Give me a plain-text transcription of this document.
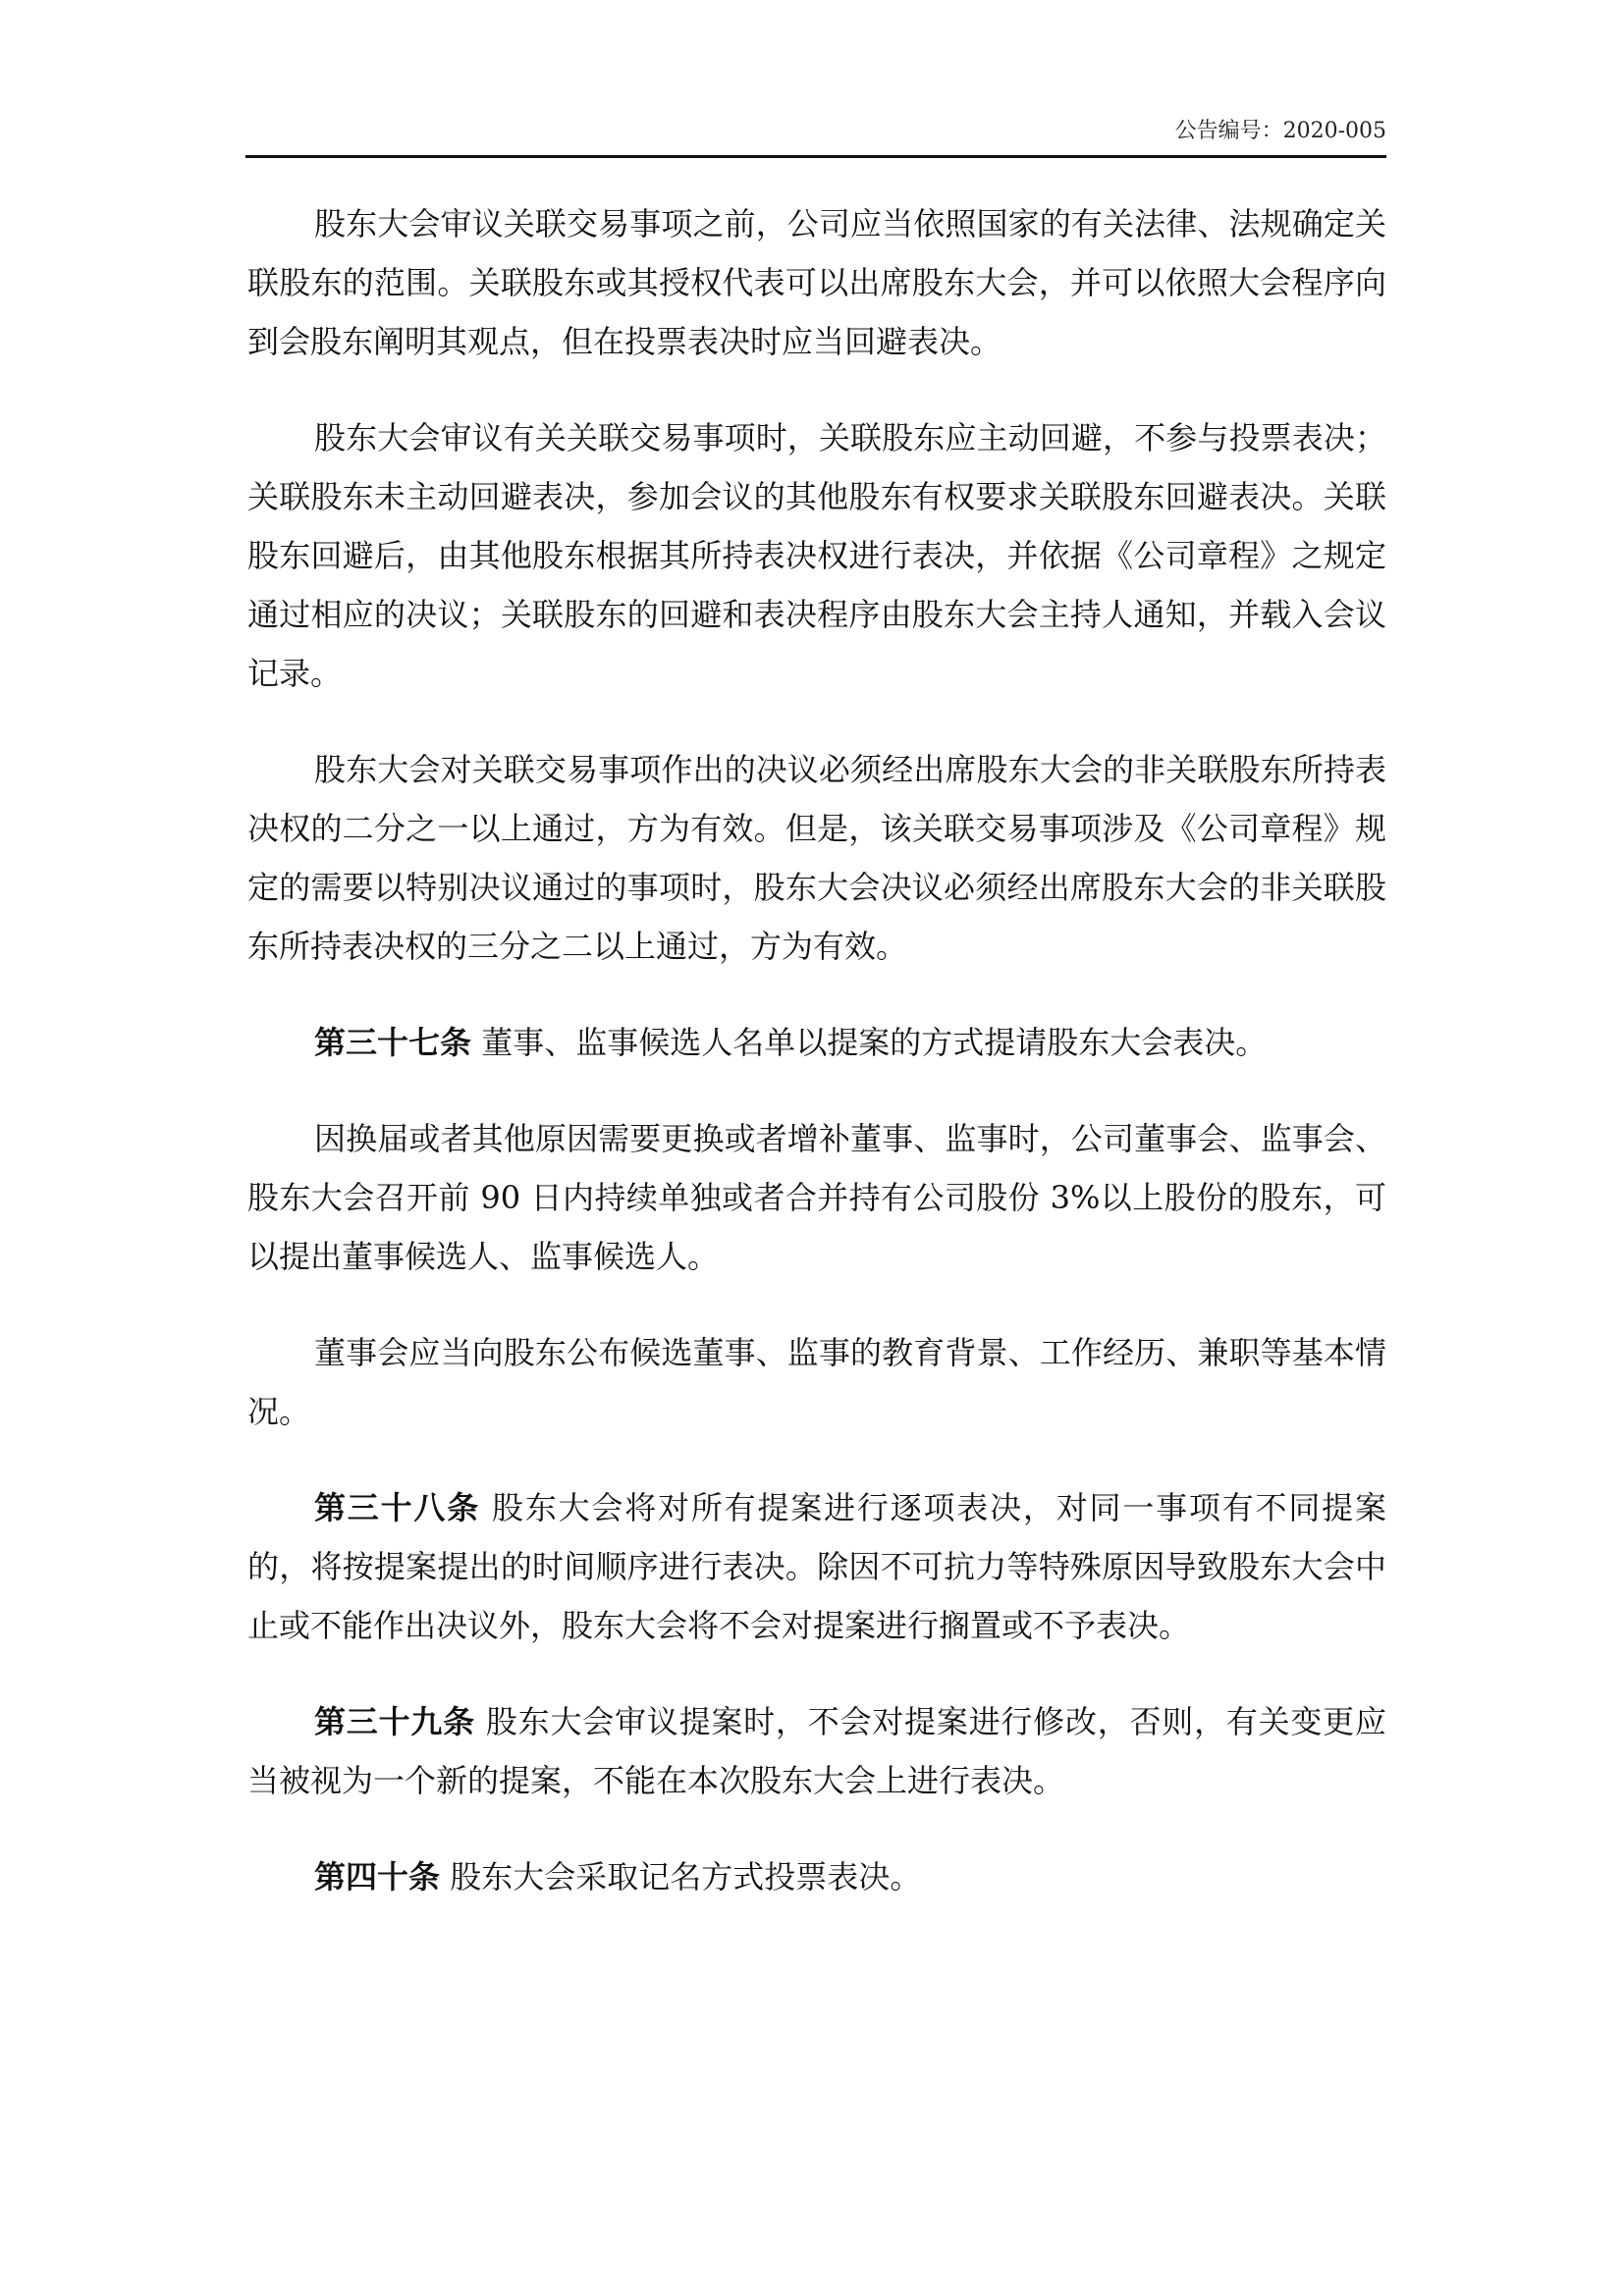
公告编号：2020-005

股东大会审议关联交易事项之前，公司应当依照国家的有关法律、法规确定关联股东的范围。关联股东或其授权代表可以出席股东大会，并可以依照大会程序向到会股东阐明其观点，但在投票表决时应当回避表决。

股东大会审议有关关联交易事项时，关联股东应主动回避，不参与投票表决；关联股东未主动回避表决，参加会议的其他股东有权要求关联股东回避表决。关联股东回避后，由其他股东根据其所持表决权进行表决，并依据《公司章程》之规定通过相应的决议；关联股东的回避和表决程序由股东大会主持人通知，并载入会议记录。

股东大会对关联交易事项作出的决议必须经出席股东大会的非关联股东所持表决权的二分之一以上通过，方为有效。但是，该关联交易事项涉及《公司章程》规定的需要以特别决议通过的事项时，股东大会决议必须经出席股东大会的非关联股东所持表决权的三分之二以上通过，方为有效。

第三十七条 董事、监事候选人名单以提案的方式提请股东大会表决。

因换届或者其他原因需要更换或者增补董事、监事时，公司董事会、监事会、股东大会召开前 90 日内持续单独或者合并持有公司股份 3%以上股份的股东，可以提出董事候选人、监事候选人。

董事会应当向股东公布候选董事、监事的教育背景、工作经历、兼职等基本情况。

第三十八条 股东大会将对所有提案进行逐项表决，对同一事项有不同提案的，将按提案提出的时间顺序进行表决。除因不可抗力等特殊原因导致股东大会中止或不能作出决议外，股东大会将不会对提案进行搁置或不予表决。

第三十九条 股东大会审议提案时，不会对提案进行修改，否则，有关变更应当被视为一个新的提案，不能在本次股东大会上进行表决。

第四十条 股东大会采取记名方式投票表决。
